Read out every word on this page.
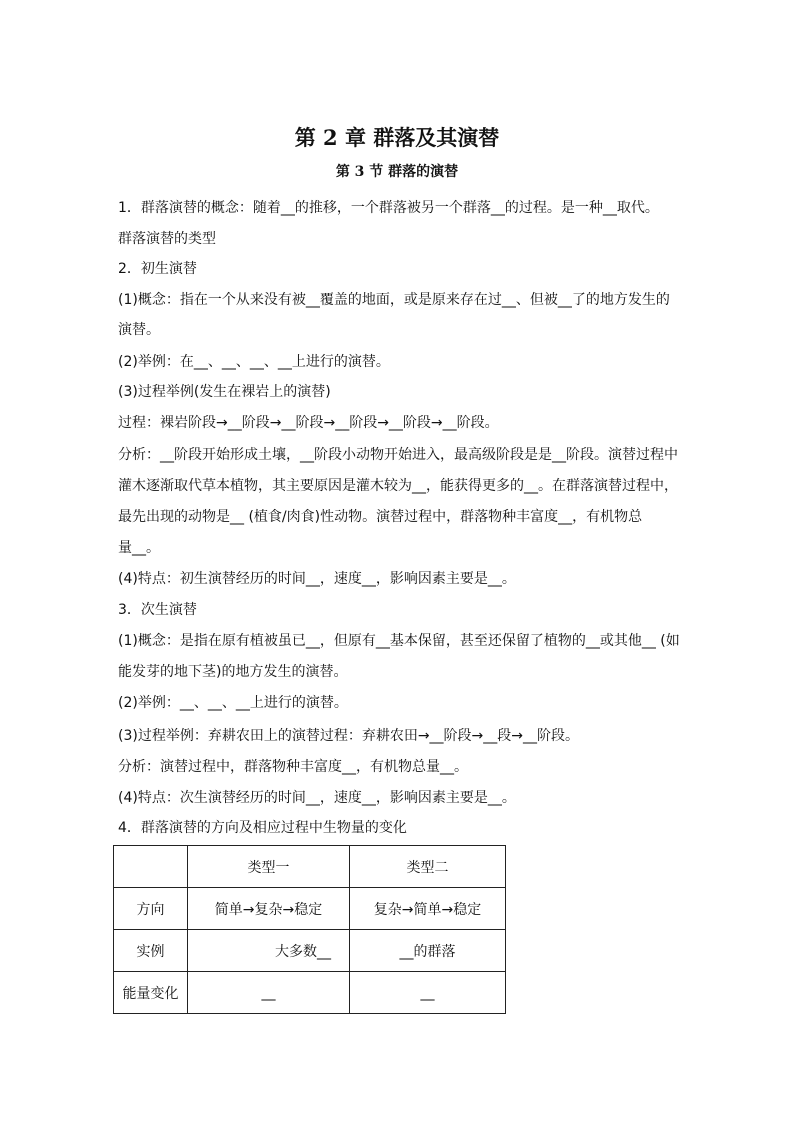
第 2 章 群落及其演替
第 3 节 群落的演替
1．群落演替的概念：随着__的推移，一个群落被另一个群落__的过程。是一种__取代。
群落演替的类型
2．初生演替
(1)概念：指在一个从来没有被__覆盖的地面，或是原来存在过__、但被__了的地方发生的
演替。
(2)举例：在__、__、__、__上进行的演替。
(3)过程举例(发生在裸岩上的演替)
过程：裸岩阶段→__阶段→__阶段→__阶段→__阶段→__阶段。
分析：__阶段开始形成土壤，__阶段小动物开始进入，最高级阶段是是__阶段。演替过程中
灌木逐渐取代草本植物，其主要原因是灌木较为__，能获得更多的__。在群落演替过程中，
最先出现的动物是__ (植食/肉食)性动物。演替过程中，群落物种丰富度__，有机物总
量__。
(4)特点：初生演替经历的时间__，速度__，影响因素主要是__。
3．次生演替
(1)概念：是指在原有植被虽已__，但原有__基本保留，甚至还保留了植物的__或其他__ (如
能发芽的地下茎)的地方发生的演替。
(2)举例：__、__、__上进行的演替。
(3)过程举例：弃耕农田上的演替过程：弃耕农田→__阶段→__段→__阶段。
分析：演替过程中，群落物种丰富度__，有机物总量__。
(4)特点：次生演替经历的时间__，速度__，影响因素主要是__。
4．群落演替的方向及相应过程中生物量的变化
	类型一	类型二
方向	简单→复杂→稳定	复杂→简单→稳定
实例	大多数__	__的群落
能量变化	__	__
